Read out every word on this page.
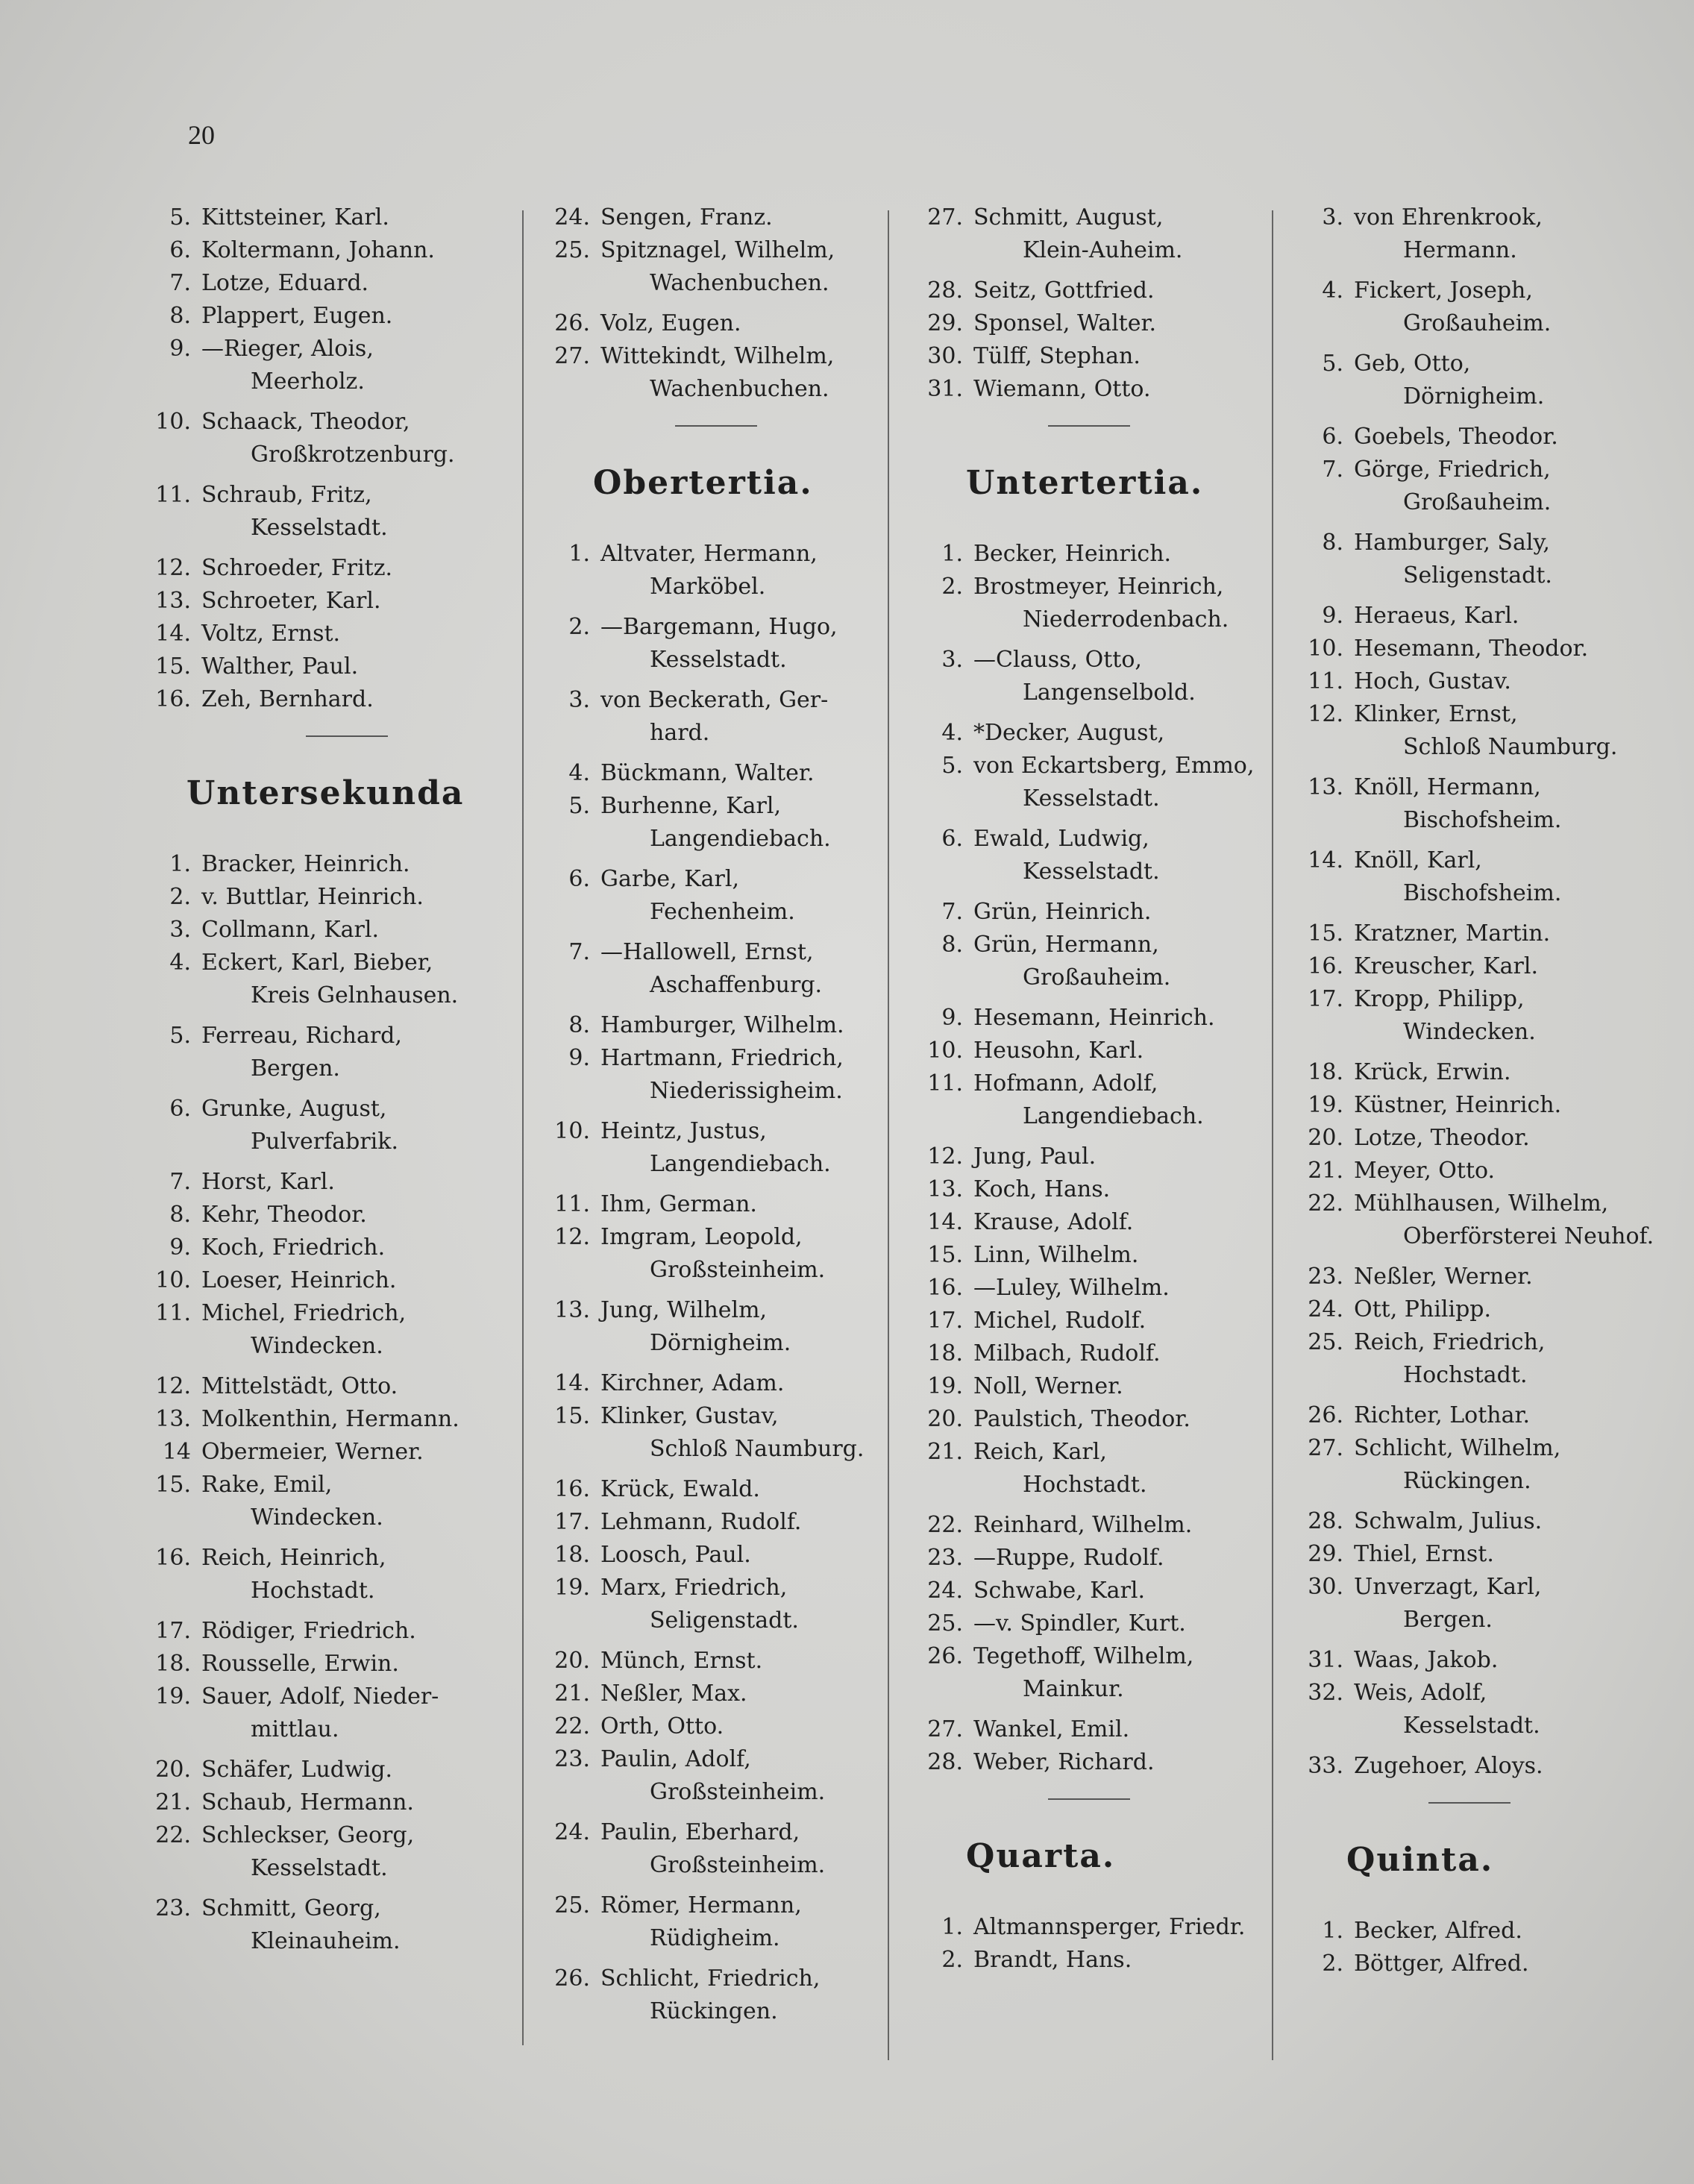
20
5. Kittsteiner, Karl.
6. Koltermann, Johann.
7. Lotze, Eduard.
8. Plappert, Eugen.
9. —Rieger, Alois,
Meerholz.
10. Schaack, Theodor,
Großkrotzenburg.
11. Schraub, Fritz,
Kesselstadt.
12. Schroeder, Fritz.
13. Schroeter, Karl.
14. Voltz, Ernst.
15. Walther, Paul.
16. Zeh, Bernhard.
Untersekunda
1. Bracker, Heinrich.
2. v. Buttlar, Heinrich.
3. Collmann, Karl.
4. Eckert, Karl, Bieber,
Kreis Gelnhausen.
5. Ferreau, Richard,
Bergen.
6. Grunke, August,
Pulverfabrik.
7. Horst, Karl.
8. Kehr, Theodor.
9. Koch, Friedrich.
10. Loeser, Heinrich.
11. Michel, Friedrich,
Windecken.
12. Mittelstädt, Otto.
13. Molkenthin, Hermann.
14 Obermeier, Werner.
15. Rake, Emil,
Windecken.
16. Reich, Heinrich,
Hochstadt.
17. Rödiger, Friedrich.
18. Rousselle, Erwin.
19. Sauer, Adolf, Nieder-
mittlau.
20. Schäfer, Ludwig.
21. Schaub, Hermann.
22. Schleckser, Georg,
Kesselstadt.
23. Schmitt, Georg,
Kleinauheim.
24. Sengen, Franz.
25. Spitznagel, Wilhelm,
Wachenbuchen.
26. Volz, Eugen.
27. Wittekindt, Wilhelm,
Wachenbuchen.
Obertertia.
1. Altvater, Hermann,
Marköbel.
2. —Bargemann, Hugo,
Kesselstadt.
3. von Beckerath, Ger-
hard.
4. Bückmann, Walter.
5. Burhenne, Karl,
Langendiebach.
6. Garbe, Karl,
Fechenheim.
7. —Hallowell, Ernst,
Aschaffenburg.
8. Hamburger, Wilhelm.
9. Hartmann, Friedrich,
Niederissigheim.
10. Heintz, Justus,
Langendiebach.
11. Ihm, German.
12. Imgram, Leopold,
Großsteinheim.
13. Jung, Wilhelm,
Dörnigheim.
14. Kirchner, Adam.
15. Klinker, Gustav,
Schloß Naumburg.
16. Krück, Ewald.
17. Lehmann, Rudolf.
18. Loosch, Paul.
19. Marx, Friedrich,
Seligenstadt.
20. Münch, Ernst.
21. Neßler, Max.
22. Orth, Otto.
23. Paulin, Adolf,
Großsteinheim.
24. Paulin, Eberhard,
Großsteinheim.
25. Römer, Hermann,
Rüdigheim.
26. Schlicht, Friedrich,
Rückingen.
27. Schmitt, August,
Klein-Auheim.
28. Seitz, Gottfried.
29. Sponsel, Walter.
30. Tülff, Stephan.
31. Wiemann, Otto.
Untertertia.
1. Becker, Heinrich.
2. Brostmeyer, Heinrich,
Niederrodenbach.
3. —Clauss, Otto,
Langenselbold.
4. *Decker, August,
5. von Eckartsberg, Emmo,
Kesselstadt.
6. Ewald, Ludwig,
Kesselstadt.
7. Grün, Heinrich.
8. Grün, Hermann,
Großauheim.
9. Hesemann, Heinrich.
10. Heusohn, Karl.
11. Hofmann, Adolf,
Langendiebach.
12. Jung, Paul.
13. Koch, Hans.
14. Krause, Adolf.
15. Linn, Wilhelm.
16. —Luley, Wilhelm.
17. Michel, Rudolf.
18. Milbach, Rudolf.
19. Noll, Werner.
20. Paulstich, Theodor.
21. Reich, Karl,
Hochstadt.
22. Reinhard, Wilhelm.
23. —Ruppe, Rudolf.
24. Schwabe, Karl.
25. —v. Spindler, Kurt.
26. Tegethoff, Wilhelm,
Mainkur.
27. Wankel, Emil.
28. Weber, Richard.
Quarta.
1. Altmannsperger, Friedr.
2. Brandt, Hans.
3. von Ehrenkrook,
Hermann.
4. Fickert, Joseph,
Großauheim.
5. Geb, Otto,
Dörnigheim.
6. Goebels, Theodor.
7. Görge, Friedrich,
Großauheim.
8. Hamburger, Saly,
Seligenstadt.
9. Heraeus, Karl.
10. Hesemann, Theodor.
11. Hoch, Gustav.
12. Klinker, Ernst,
Schloß Naumburg.
13. Knöll, Hermann,
Bischofsheim.
14. Knöll, Karl,
Bischofsheim.
15. Kratzner, Martin.
16. Kreuscher, Karl.
17. Kropp, Philipp,
Windecken.
18. Krück, Erwin.
19. Küstner, Heinrich.
20. Lotze, Theodor.
21. Meyer, Otto.
22. Mühlhausen, Wilhelm,
Oberförsterei Neuhof.
23. Neßler, Werner.
24. Ott, Philipp.
25. Reich, Friedrich,
Hochstadt.
26. Richter, Lothar.
27. Schlicht, Wilhelm,
Rückingen.
28. Schwalm, Julius.
29. Thiel, Ernst.
30. Unverzagt, Karl,
Bergen.
31. Waas, Jakob.
32. Weis, Adolf,
Kesselstadt.
33. Zugehoer, Aloys.
Quinta.
1. Becker, Alfred.
2. Böttger, Alfred.
